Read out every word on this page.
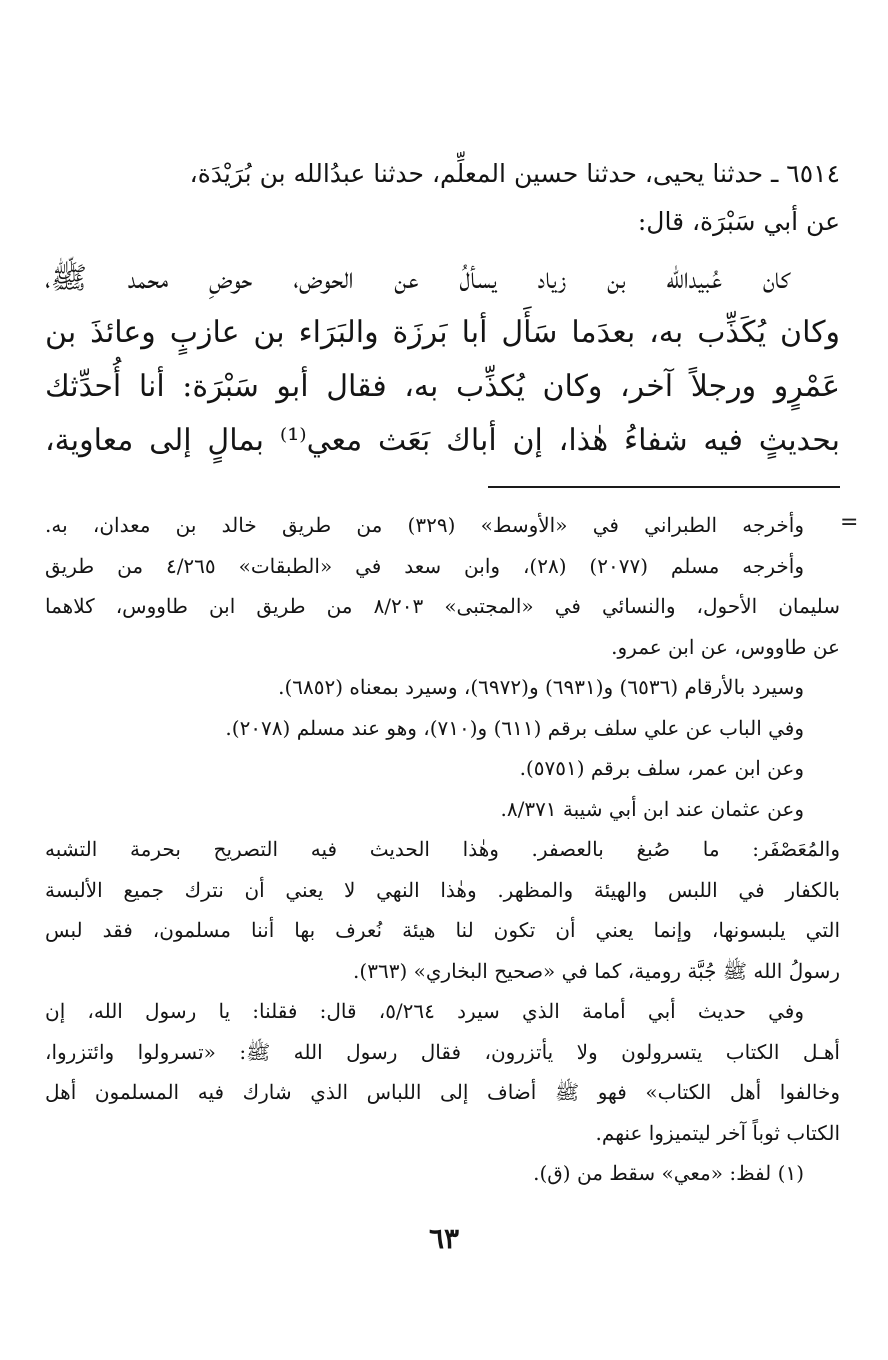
٦٥١٤ ـ حدثنا يحيى، حدثنا حسين المعلِّم، حدثنا عبدُالله بن بُرَيْدَة،
عن أبي سَبْرَة، قال:
كان عُبيدالله بن زياد يسألُ عن الحوض، حوضِ محمد ﷺ،
وكان يُكَذِّب به، بعدَما سَأَل أبا بَرزَة والبَرَاء بن عازبٍ وعائذَ بن
عَمْرٍو ورجلاً آخر، وكان يُكذِّب به، فقال أبو سَبْرَة: أنا أُحدِّثك
بحديثٍ فيه شفاءُ هٰذا، إن أباك بَعَث معي⁽¹⁾ بمالٍ إلى معاوية،
=
وأخرجه الطبراني في «الأوسط» (٣٢٩) من طريق خالد بن معدان، به.
وأخرجه مسلم (٢٠٧٧) (٢٨)، وابن سعد في «الطبقات» ٤/٢٦٥ من طريق
سليمان الأحول، والنسائي في «المجتبى» ٨/٢٠٣ من طريق ابن طاووس، كلاهما
عن طاووس، عن ابن عمرو.
وسيرد بالأرقام (٦٥٣٦) و(٦٩٣١) و(٦٩٧٢)، وسيرد بمعناه (٦٨٥٢).
وفي الباب عن علي سلف برقم (٦١١) و(٧١٠)، وهو عند مسلم (٢٠٧٨).
وعن ابن عمر، سلف برقم (٥٧٥١).
وعن عثمان عند ابن أبي شيبة ٨/٣٧١.
والمُعَصْفَر: ما صُبغ بالعصفر. وهٰذا الحديث فيه التصريح بحرمة التشبه
بالكفار في اللبس والهيئة والمظهر. وهٰذا النهي لا يعني أن نترك جميع الألبسة
التي يلبسونها، وإنما يعني أن تكون لنا هيئة نُعرف بها أننا مسلمون، فقد لبس
رسولُ الله ﷺ جُبَّة رومية، كما في «صحيح البخاري» (٣٦٣).
وفي حديث أبي أمامة الذي سيرد ٥/٢٦٤، قال: فقلنا: يا رسول الله، إن
أهـل الكتاب يتسرولون ولا يأتزرون، فقال رسول الله ﷺ: «تسرولوا وائتزروا،
وخالفوا أهل الكتاب» فهو ﷺ أضاف إلى اللباس الذي شارك فيه المسلمون أهل
الكتاب ثوباً آخر ليتميزوا عنهم.
(١) لفظ: «معي» سقط من (ق).
٦٣
